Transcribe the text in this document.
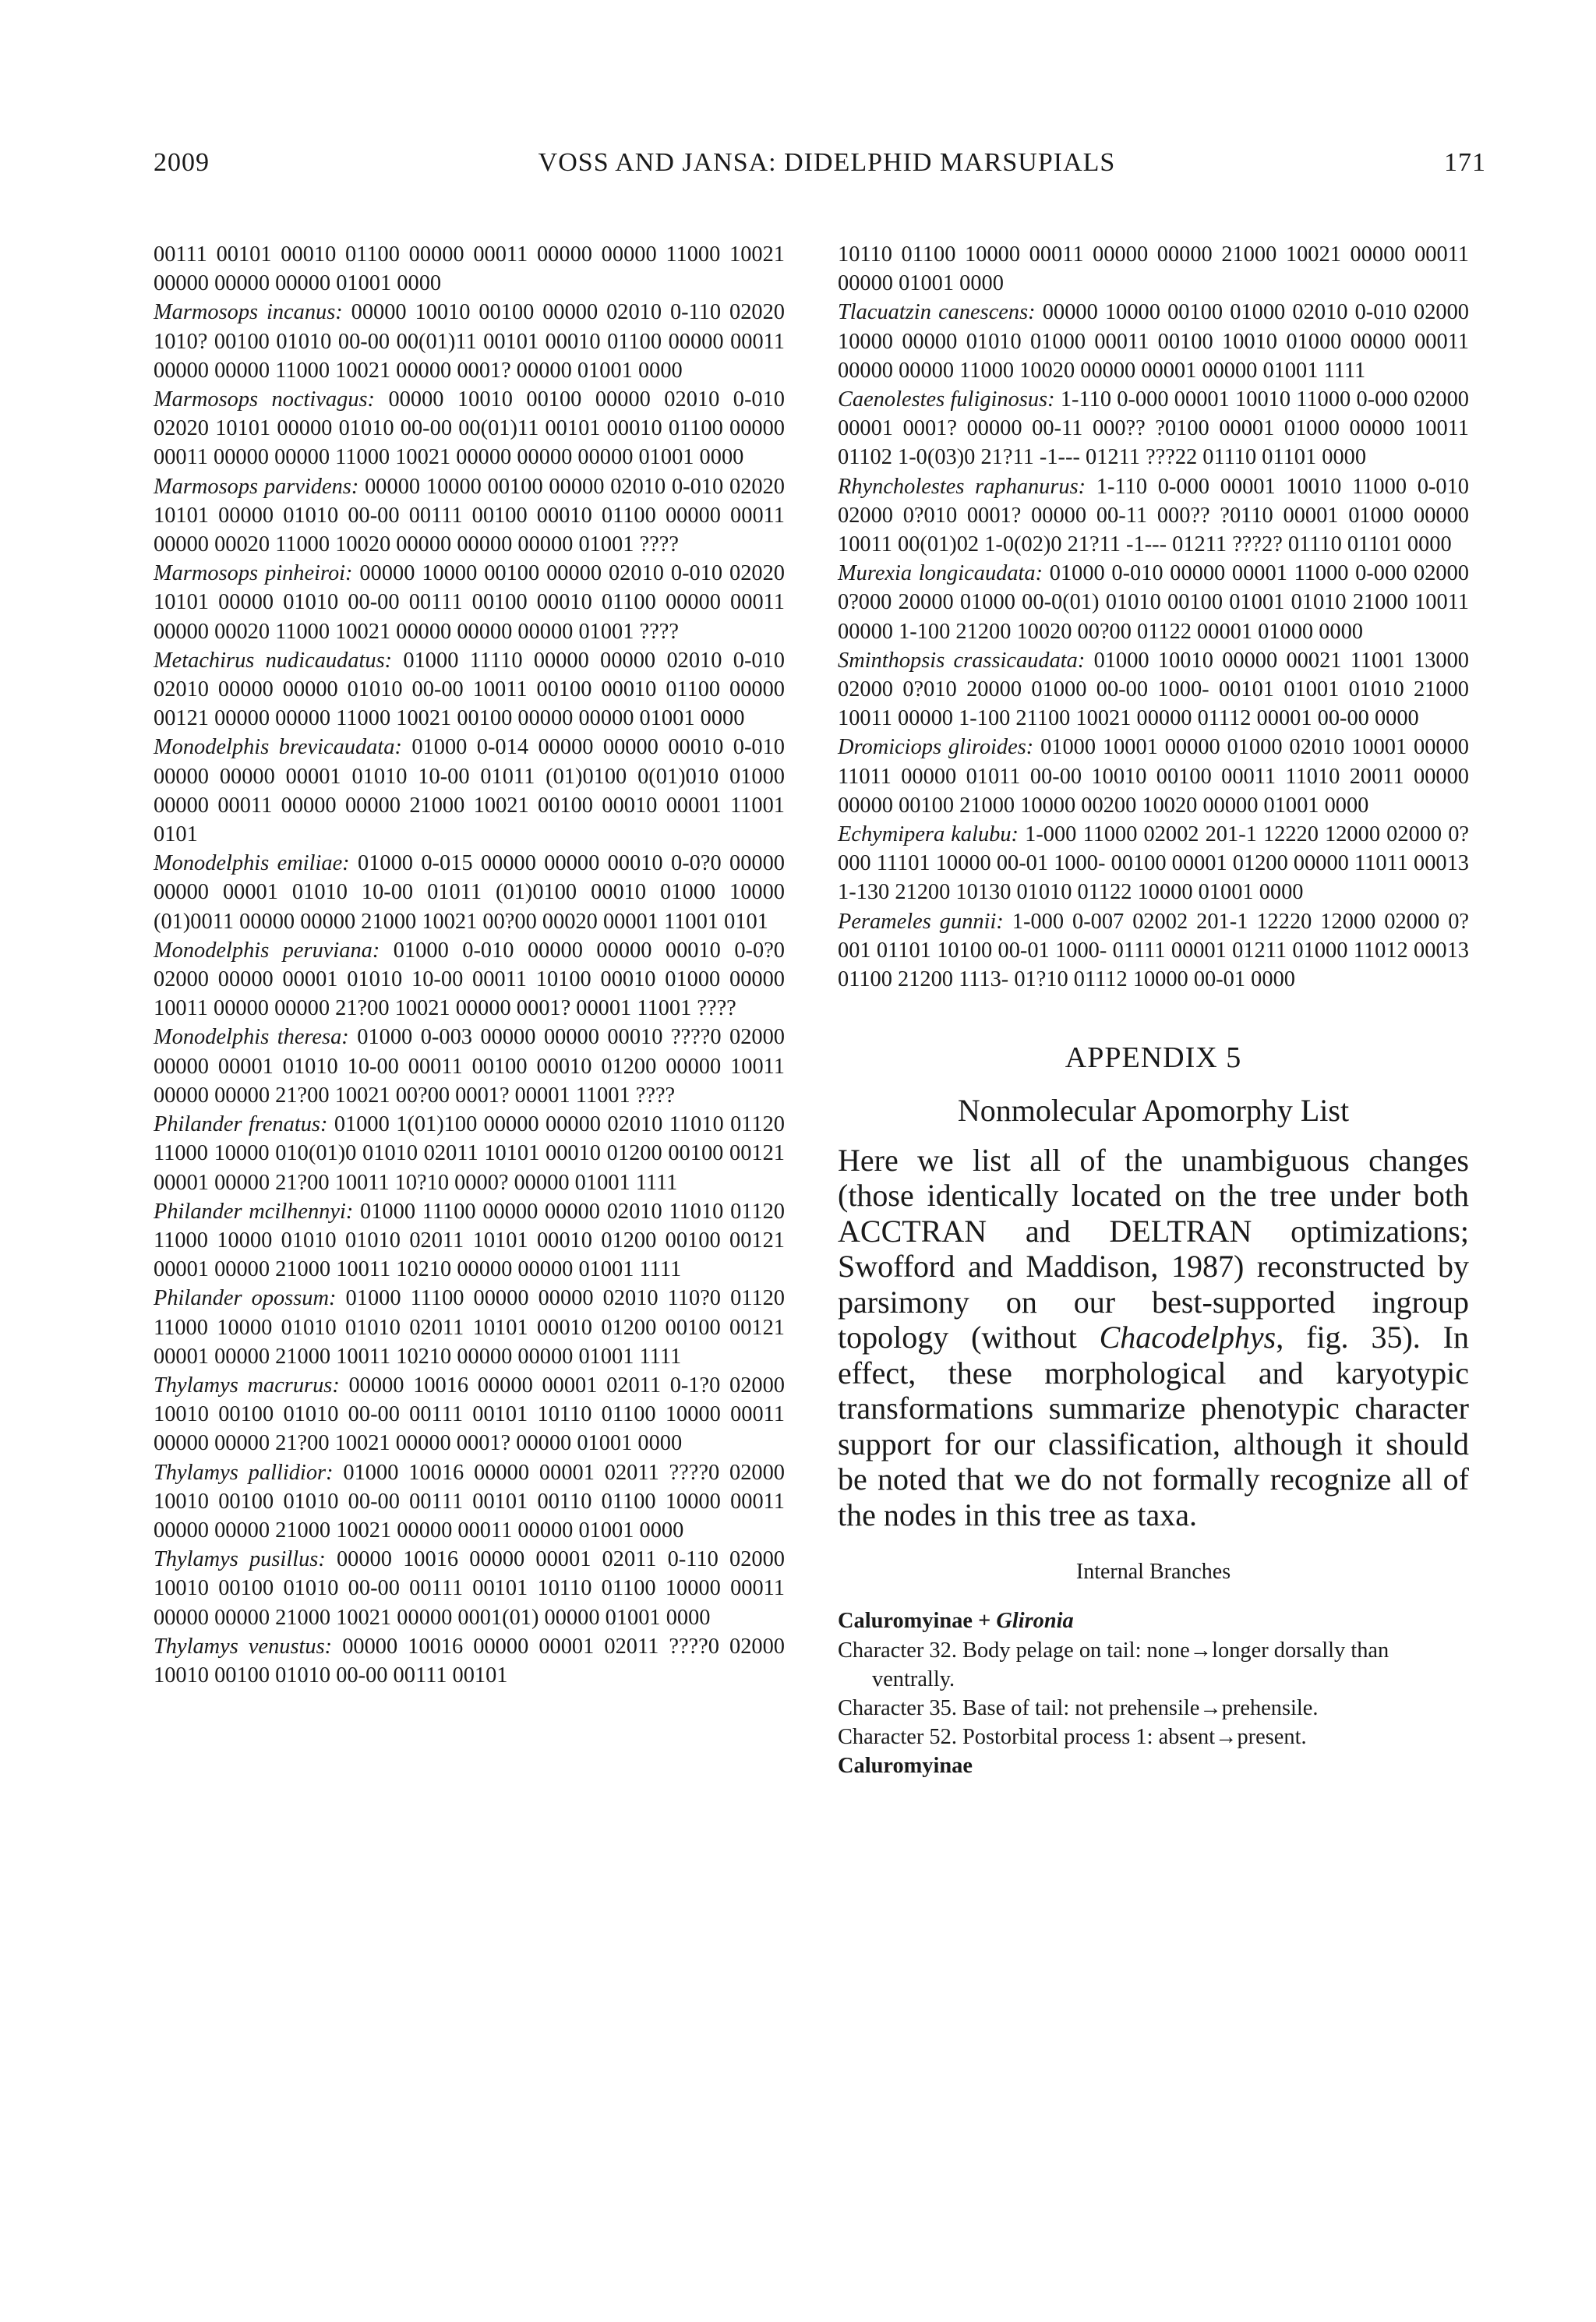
2009	VOSS AND JANSA: DIDELPHID MARSUPIALS	171

00111 00101 00010 01100 00000 00011 00000 00000 11000 10021 00000 00000 00000 01001 0000

Marmosops incanus: 00000 10010 00100 00000 02010 0-110 02020 1010? 00100 01010 00-00 00(01)11 00101 00010 01100 00000 00011 00000 00000 11000 10021 00000 0001? 00000 01001 0000

Marmosops noctivagus: 00000 10010 00100 00000 02010 0-010 02020 10101 00000 01010 00-00 00(01)11 00101 00010 01100 00000 00011 00000 00000 11000 10021 00000 00000 00000 01001 0000

Marmosops parvidens: 00000 10000 00100 00000 02010 0-010 02020 10101 00000 01010 00-00 00111 00100 00010 01100 00000 00011 00000 00020 11000 10020 00000 00000 00000 01001 ????

Marmosops pinheiroi: 00000 10000 00100 00000 02010 0-010 02020 10101 00000 01010 00-00 00111 00100 00010 01100 00000 00011 00000 00020 11000 10021 00000 00000 00000 01001 ????

Metachirus nudicaudatus: 01000 11110 00000 00000 02010 0-010 02010 00000 00000 01010 00-00 10011 00100 00010 01100 00000 00121 00000 00000 11000 10021 00100 00000 00000 01001 0000

Monodelphis brevicaudata: 01000 0-014 00000 00000 00010 0-010 00000 00000 00001 01010 10-00 01011 (01)0100 0(01)010 01000 00000 00011 00000 00000 21000 10021 00100 00010 00001 11001 0101

Monodelphis emiliae: 01000 0-015 00000 00000 00010 0-0?0 00000 00000 00001 01010 10-00 01011 (01)0100 00010 01000 10000 (01)0011 00000 00000 21000 10021 00?00 00020 00001 11001 0101

Monodelphis peruviana: 01000 0-010 00000 00000 00010 0-0?0 02000 00000 00001 01010 10-00 00011 10100 00010 01000 00000 10011 00000 00000 21?00 10021 00000 0001? 00001 11001 ????

Monodelphis theresa: 01000 0-003 00000 00000 00010 ????0 02000 00000 00001 01010 10-00 00011 00100 00010 01200 00000 10011 00000 00000 21?00 10021 00?00 0001? 00001 11001 ????

Philander frenatus: 01000 1(01)100 00000 00000 02010 11010 01120 11000 10000 010(01)0 01010 02011 10101 00010 01200 00100 00121 00001 00000 21?00 10011 10?10 0000? 00000 01001 1111

Philander mcilhennyi: 01000 11100 00000 00000 02010 11010 01120 11000 10000 01010 01010 02011 10101 00010 01200 00100 00121 00001 00000 21000 10011 10210 00000 00000 01001 1111

Philander opossum: 01000 11100 00000 00000 02010 110?0 01120 11000 10000 01010 01010 02011 10101 00010 01200 00100 00121 00001 00000 21000 10011 10210 00000 00000 01001 1111

Thylamys macrurus: 00000 10016 00000 00001 02011 0-1?0 02000 10010 00100 01010 00-00 00111 00101 10110 01100 10000 00011 00000 00000 21?00 10021 00000 0001? 00000 01001 0000

Thylamys pallidior: 01000 10016 00000 00001 02011 ????0 02000 10010 00100 01010 00-00 00111 00101 00110 01100 10000 00011 00000 00000 21000 10021 00000 00011 00000 01001 0000

Thylamys pusillus: 00000 10016 00000 00001 02011 0-110 02000 10010 00100 01010 00-00 00111 00101 10110 01100 10000 00011 00000 00000 21000 10021 00000 0001(01) 00000 01001 0000

Thylamys venustus: 00000 10016 00000 00001 02011 ????0 02000 10010 00100 01010 00-00 00111 00101

10110 01100 10000 00011 00000 00000 21000 10021 00000 00011 00000 01001 0000

Tlacuatzin canescens: 00000 10000 00100 01000 02010 0-010 02000 10000 00000 01010 01000 00011 00100 10010 01000 00000 00011 00000 00000 11000 10020 00000 00001 00000 01001 1111

Caenolestes fuliginosus: 1-110 0-000 00001 10010 11000 0-000 02000 00001 0001? 00000 00-11 000?? ?0100 00001 01000 00000 10011 01102 1-0(03)0 21?11 -1--- 01211 ???22 01110 01101 0000

Rhyncholestes raphanurus: 1-110 0-000 00001 10010 11000 0-010 02000 0?010 0001? 00000 00-11 000?? ?0110 00001 01000 00000 10011 00(01)02 1-0(02)0 21?11 -1--- 01211 ???2? 01110 01101 0000

Murexia longicaudata: 01000 0-010 00000 00001 11000 0-000 02000 0?000 20000 01000 00-0(01) 01010 00100 01001 01010 21000 10011 00000 1-100 21200 10020 00?00 01122 00001 01000 0000

Sminthopsis crassicaudata: 01000 10010 00000 00021 11001 13000 02000 0?010 20000 01000 00-00 1000- 00101 01001 01010 21000 10011 00000 1-100 21100 10021 00000 01112 00001 00-00 0000

Dromiciops gliroides: 01000 10001 00000 01000 02010 10001 00000 11011 00000 01011 00-00 10010 00100 00011 11010 20011 00000 00000 00100 21000 10000 00200 10020 00000 01001 0000

Echymipera kalubu: 1-000 11000 02002 201-1 12220 12000 02000 0?000 11101 10000 00-01 1000- 00100 00001 01200 00000 11011 00013 1-130 21200 10130 01010 01122 10000 01001 0000

Perameles gunnii: 1-000 0-007 02002 201-1 12220 12000 02000 0?001 01101 10100 00-01 1000- 01111 00001 01211 01000 11012 00013 01100 21200 1113- 01?10 01112 10000 00-01 0000

APPENDIX 5
Nonmolecular Apomorphy List

Here we list all of the unambiguous changes (those identically located on the tree under both ACCTRAN and DELTRAN optimizations; Swofford and Maddison, 1987) reconstructed by parsimony on our best-supported ingroup topology (without Chacodelphys, fig. 35). In effect, these morphological and karyotypic transformations summarize phenotypic character support for our classification, although it should be noted that we do not formally recognize all of the nodes in this tree as taxa.

Internal Branches

Caluromyinae + Glironia

Character 32. Body pelage on tail: none→longer dorsally than ventrally.

Character 35. Base of tail: not prehensile→prehensile.

Character 52. Postorbital process 1: absent→present.

Caluromyinae
